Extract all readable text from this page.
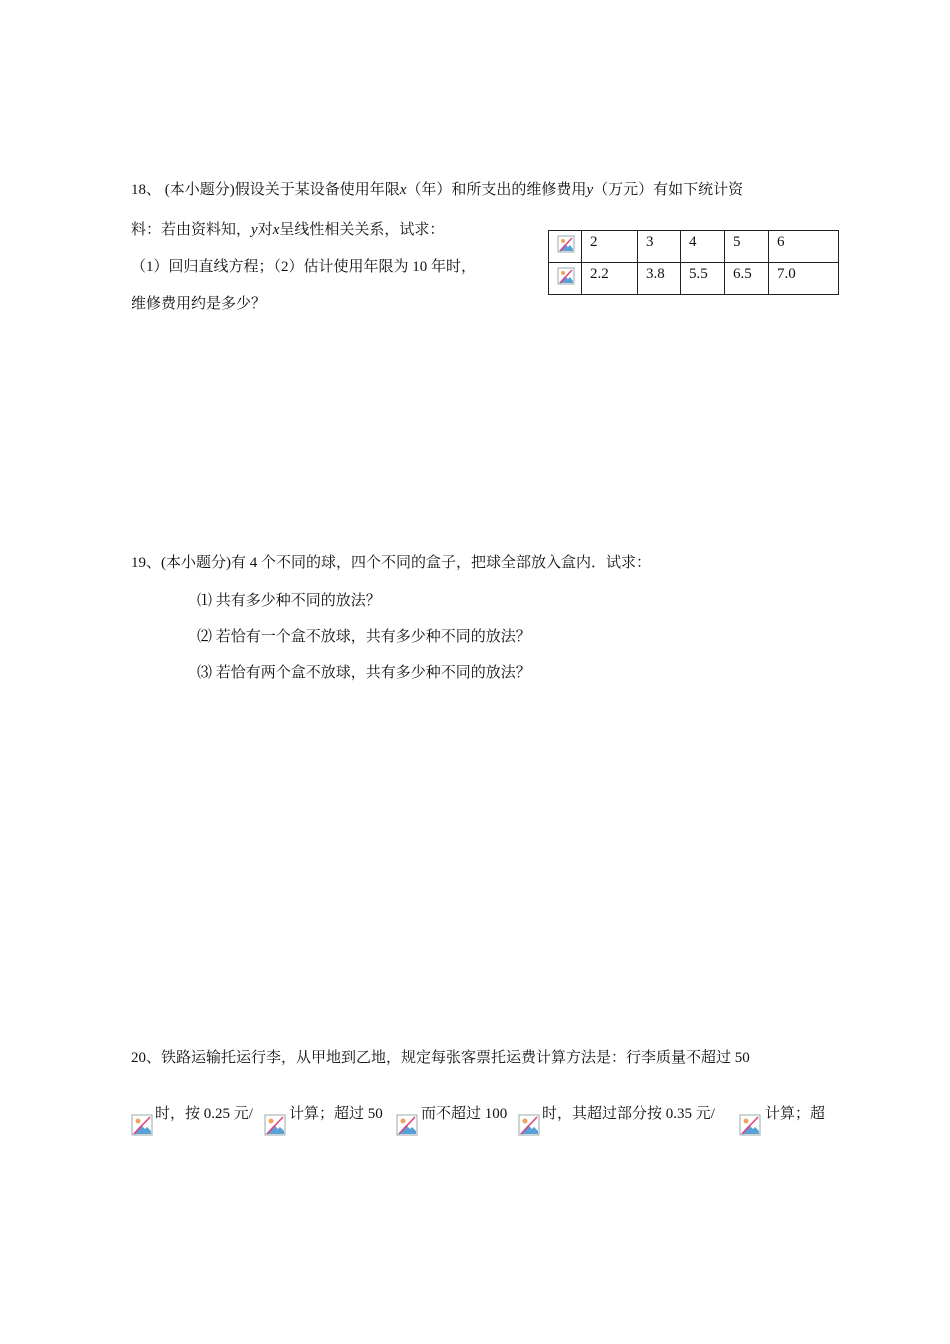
18、 (本小题分)假设关于某设备使用年限x（年）和所支出的维修费用y（万元）有如下统计资
料：若由资料知，y对x呈线性相关关系，试求：
（1）回归直线方程；（2）估计使用年限为 10 年时，
维修费用约是多少？
	2	3	4	5	6
	2.2	3.8	5.5	6.5	7.0
19、(本小题分)有 4 个不同的球，四个不同的盒子，把球全部放入盒内．试求：
⑴ 共有多少种不同的放法？
⑵ 若恰有一个盒不放球，共有多少种不同的放法？
⑶ 若恰有两个盒不放球，共有多少种不同的放法？
20、铁路运输托运行李，从甲地到乙地，规定每张客票托运费计算方法是：行李质量不超过 50
时，按 0.25 元/ 计算；超过 50	而不超过 100 时，其超过部分按 0.35 元/	计算；超
